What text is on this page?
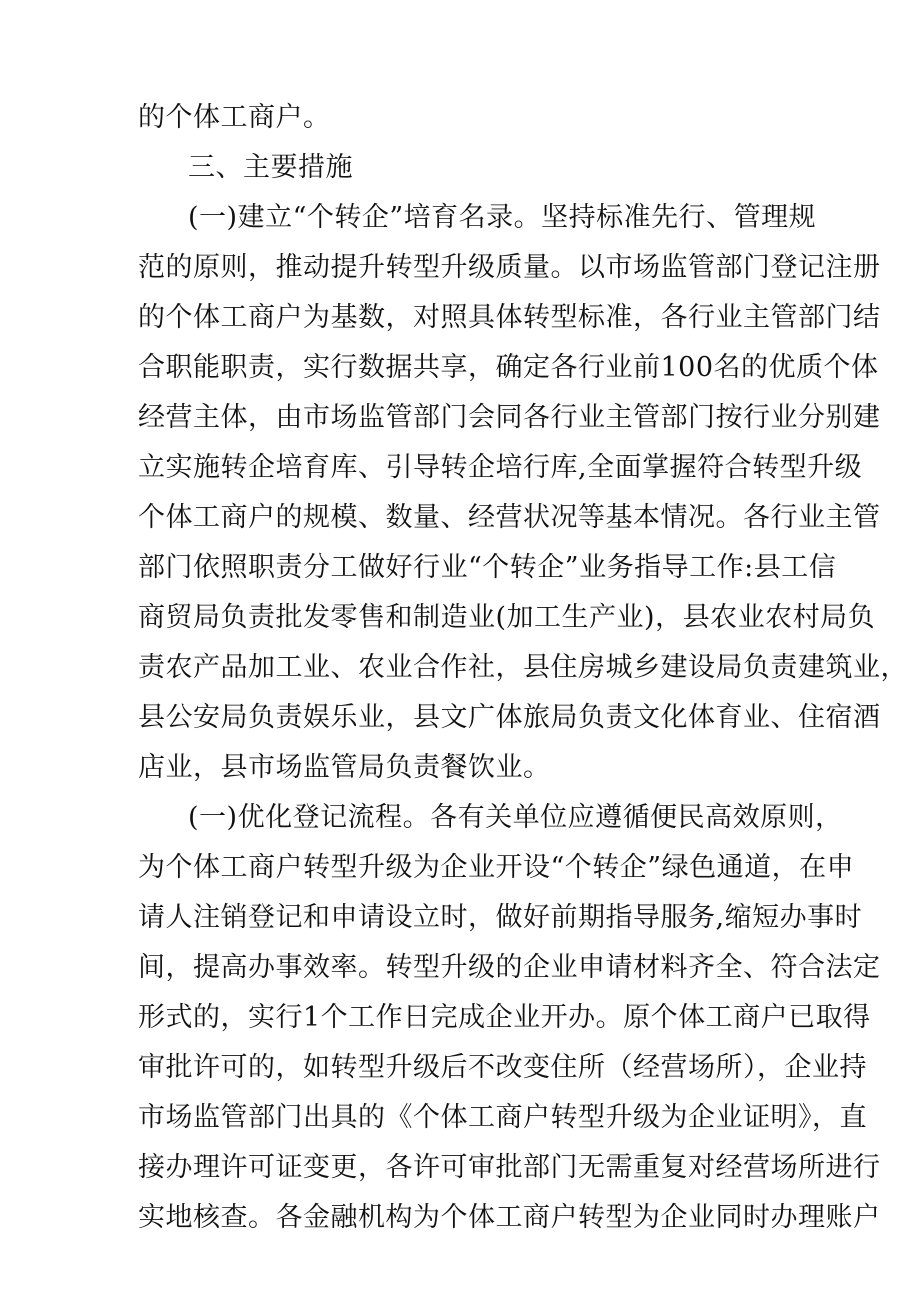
的个体工商户。
三、主要措施
(一)建立“个转企”培育名录。坚持标准先行、管理规
范的原则，推动提升转型升级质量。以市场监管部门登记注册
的个体工商户为基数，对照具体转型标准，各行业主管部门结
合职能职责，实行数据共享，确定各行业前100名的优质个体
经营主体，由市场监管部门会同各行业主管部门按行业分别建
立实施转企培育库、引导转企培行库,全面掌握符合转型升级
个体工商户的规模、数量、经营状况等基本情况。各行业主管
部门依照职责分工做好行业“个转企”业务指导工作:县工信
商贸局负责批发零售和制造业(加工生产业)，县农业农村局负
责农产品加工业、农业合作社，县住房城乡建设局负责建筑业，
县公安局负责娱乐业，县文广体旅局负责文化体育业、住宿酒
店业，县市场监管局负责餐饮业。
(一)优化登记流程。各有关单位应遵循便民高效原则，
为个体工商户转型升级为企业开设“个转企”绿色通道，在申
请人注销登记和申请设立时，做好前期指导服务,缩短办事时
间，提高办事效率。转型升级的企业申请材料齐全、符合法定
形式的，实行1个工作日完成企业开办。原个体工商户已取得
审批许可的，如转型升级后不改变住所（经营场所），企业持
市场监管部门出具的《个体工商户转型升级为企业证明》，直
接办理许可证变更，各许可审批部门无需重复对经营场所进行
实地核查。各金融机构为个体工商户转型为企业同时办理账户
